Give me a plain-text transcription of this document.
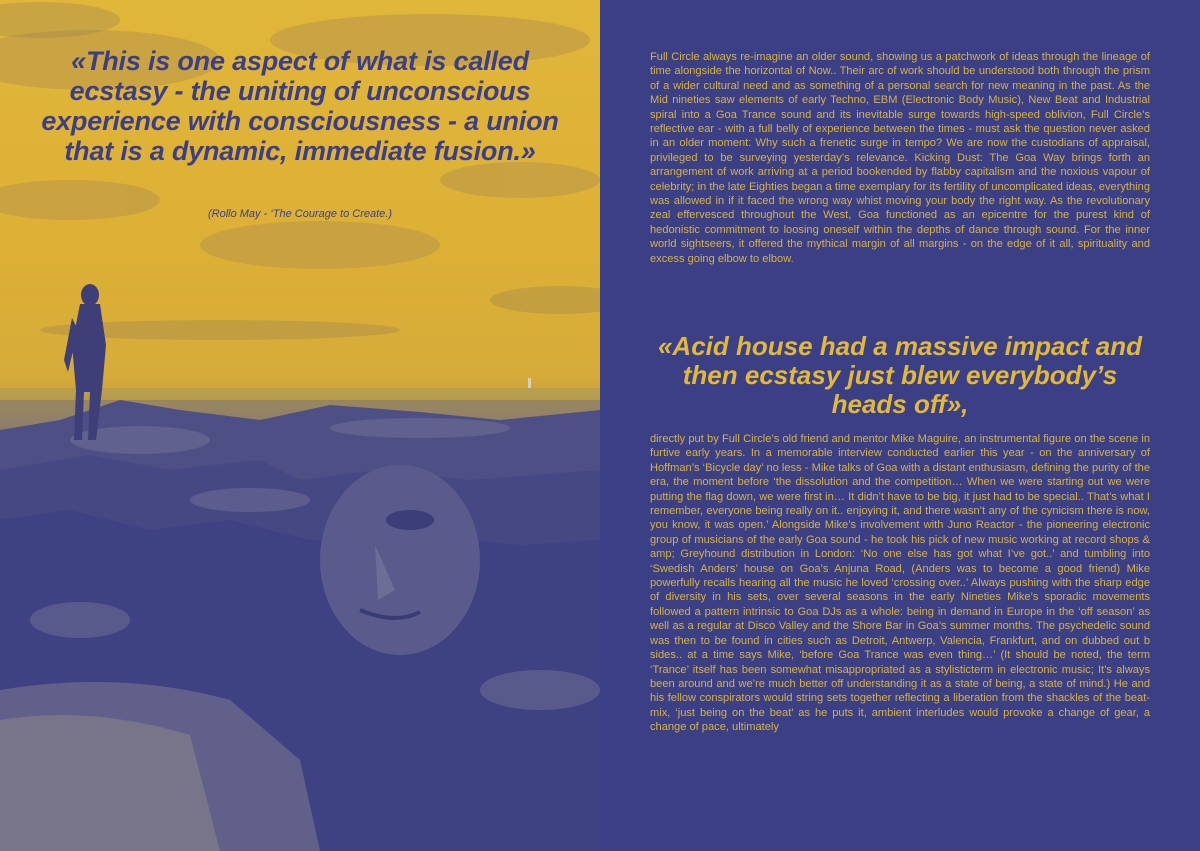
«This is one aspect of what is called ecstasy - the uniting of unconscious experience with consciousness - a union that is a dynamic, immediate fusion.»

(Rollo May - ‘The Courage to Create.)

Full Circle always re-imagine an older sound, showing us a patchwork of ideas through the lineage of time alongside the horizontal of Now.. Their arc of work should be understood both through the prism of a wider cultural need and as something of a personal search for new meaning in the past. As the Mid nineties saw elements of early Techno, EBM (Electronic Body Music), New Beat and Industrial spiral into a Goa Trance sound and its inevitable surge towards high-speed oblivion, Full Circle’s reflective ear - with a full belly of experience between the times - must ask the question never asked in an older moment: Why such a frenetic surge in tempo? We are now the custodians of appraisal, privileged to be surveying yesterday’s relevance. Kicking Dust: The Goa Way brings forth an arrangement of work arriving at a period bookended by flabby capitalism and the noxious vapour of celebrity; in the late Eighties began a time exemplary for its fertility of uncomplicated ideas, everything was allowed in if it faced the wrong way whist moving your body the right way. As the revolutionary zeal effervesced throughout the West, Goa functioned as an epicentre for the purest kind of hedonistic commitment to loosing oneself within the depths of dance through sound. For the inner world sightseers, it offered the mythical margin of all margins - on the edge of it all, spirituality and excess going elbow to elbow.

«Acid house had a massive impact and then ecstasy just blew everybody’s heads off»,

directly put by Full Circle’s old friend and mentor Mike Maguire, an instrumental figure on the scene in furtive early years. In a memorable interview conducted earlier this year - on the anniversary of Hoffman’s ‘Bicycle day’ no less - Mike talks of Goa with a distant enthusiasm, defining the purity of the era, the moment before ‘the dissolution and the competition… When we were starting out we were putting the flag down, we were first in… It didn’t have to be big, it just had to be special.. That’s what I remember, everyone being really on it.. enjoying it, and there wasn’t any of the cynicism there is now, you know, it was open.’ Alongside Mike’s involvement with Juno Reactor - the pioneering electronic group of musicians of the early Goa sound - he took his pick of new music working at record shops & amp; Greyhound distribution in London: ‘No one else has got what I’ve got..’ and tumbling into ‘Swedish Anders’ house on Goa’s Anjuna Road, (Anders was to become a good friend) Mike powerfully recalls hearing all the music he loved ‘crossing over..’ Always pushing with the sharp edge of diversity in his sets, over several seasons in the early Nineties Mike’s sporadic movements followed a pattern intrinsic to Goa DJs as a whole: being in demand in Europe in the ‘off season’ as well as a regular at Disco Valley and the Shore Bar in Goa’s summer months. The psychedelic sound was then to be found in cities such as Detroit, Antwerp, Valencia, Frankfurt, and on dubbed out b sides.. at a time says Mike, ‘before Goa Trance was even thing…’ (It should be noted, the term ‘Trance’ itself has been somewhat misappropriated as a stylisticterm in electronic music; It’s always been around and we’re much better off understanding it as a state of being, a state of mind.) He and his fellow conspirators would string sets together reflecting a liberation from the shackles of the beat-mix, ‘just being on the beat’ as he puts it, ambient interludes would provoke a change of gear, a change of pace, ultimately
